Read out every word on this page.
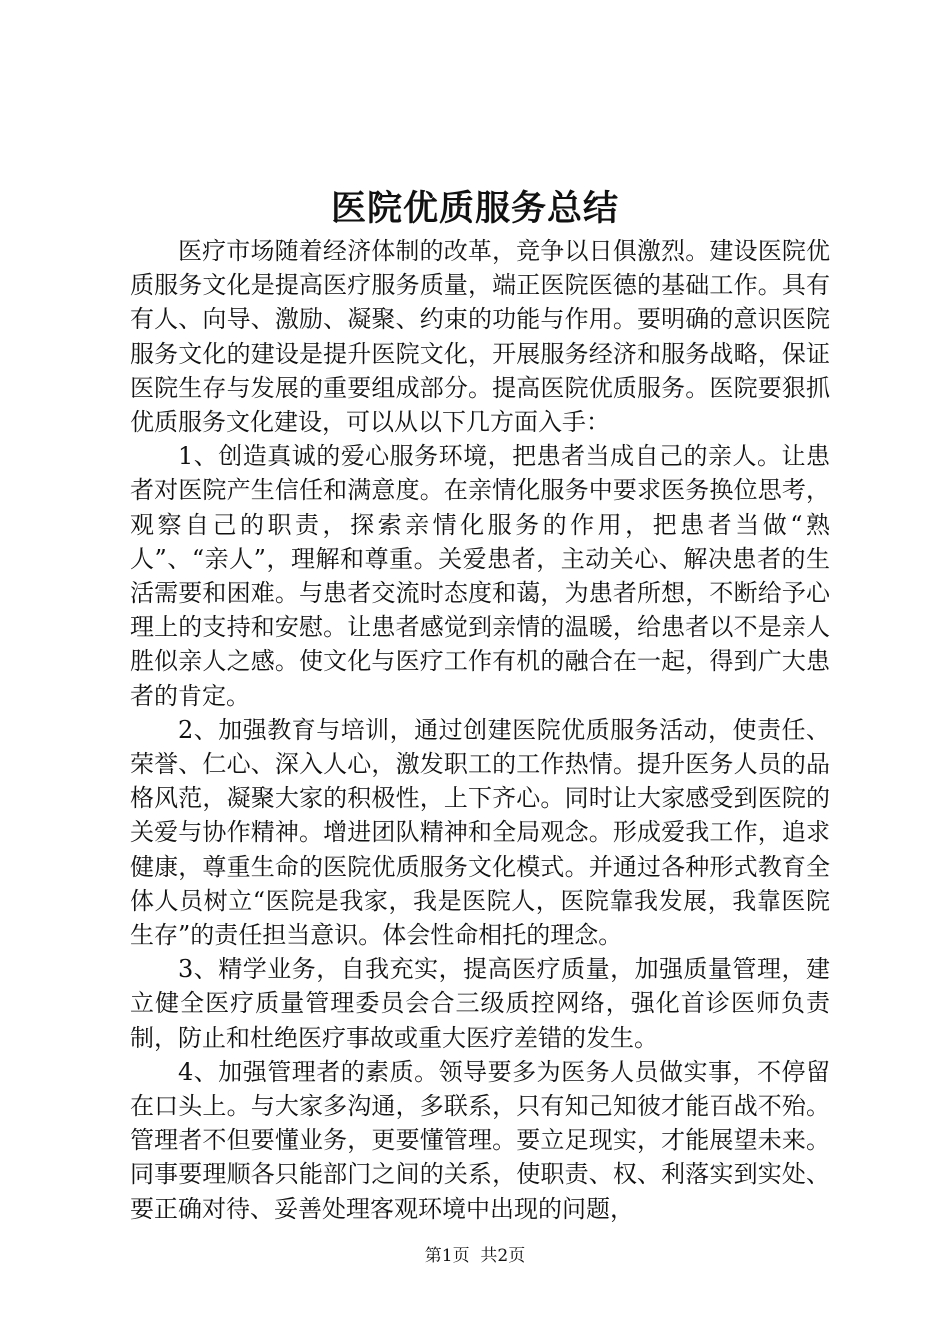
医院优质服务总结

医疗市场随着经济体制的改革，竞争以日俱激烈。建设医院优质服务文化是提高医疗服务质量，端正医院医德的基础工作。具有有人、向导、激励、凝聚、约束的功能与作用。要明确的意识医院服务文化的建设是提升医院文化，开展服务经济和服务战略，保证医院生存与发展的重要组成部分。提高医院优质服务。医院要狠抓优质服务文化建设，可以从以下几方面入手：

1、创造真诚的爱心服务环境，把患者当成自己的亲人。让患者对医院产生信任和满意度。在亲情化服务中要求医务换位思考，观察自己的职责，探索亲情化服务的作用，把患者当做“熟人”、“亲人”，理解和尊重。关爱患者，主动关心、解决患者的生活需要和困难。与患者交流时态度和蔼，为患者所想，不断给予心理上的支持和安慰。让患者感觉到亲情的温暖，给患者以不是亲人胜似亲人之感。使文化与医疗工作有机的融合在一起，得到广大患者的肯定。

2、加强教育与培训，通过创建医院优质服务活动，使责任、荣誉、仁心、深入人心，激发职工的工作热情。提升医务人员的品格风范，凝聚大家的积极性，上下齐心。同时让大家感受到医院的关爱与协作精神。增进团队精神和全局观念。形成爱我工作，追求健康，尊重生命的医院优质服务文化模式。并通过各种形式教育全体人员树立“医院是我家，我是医院人，医院靠我发展，我靠医院生存”的责任担当意识。体会性命相托的理念。

3、精学业务，自我充实，提高医疗质量，加强质量管理，建立健全医疗质量管理委员会合三级质控网络，强化首诊医师负责制，防止和杜绝医疗事故或重大医疗差错的发生。

4、加强管理者的素质。领导要多为医务人员做实事，不停留在口头上。与大家多沟通，多联系，只有知己知彼才能百战不殆。管理者不但要懂业务，更要懂管理。要立足现实，才能展望未来。同事要理顺各只能部门之间的关系，使职责、权、利落实到实处、要正确对待、妥善处理客观环境中出现的问题，

第1页  共2页
